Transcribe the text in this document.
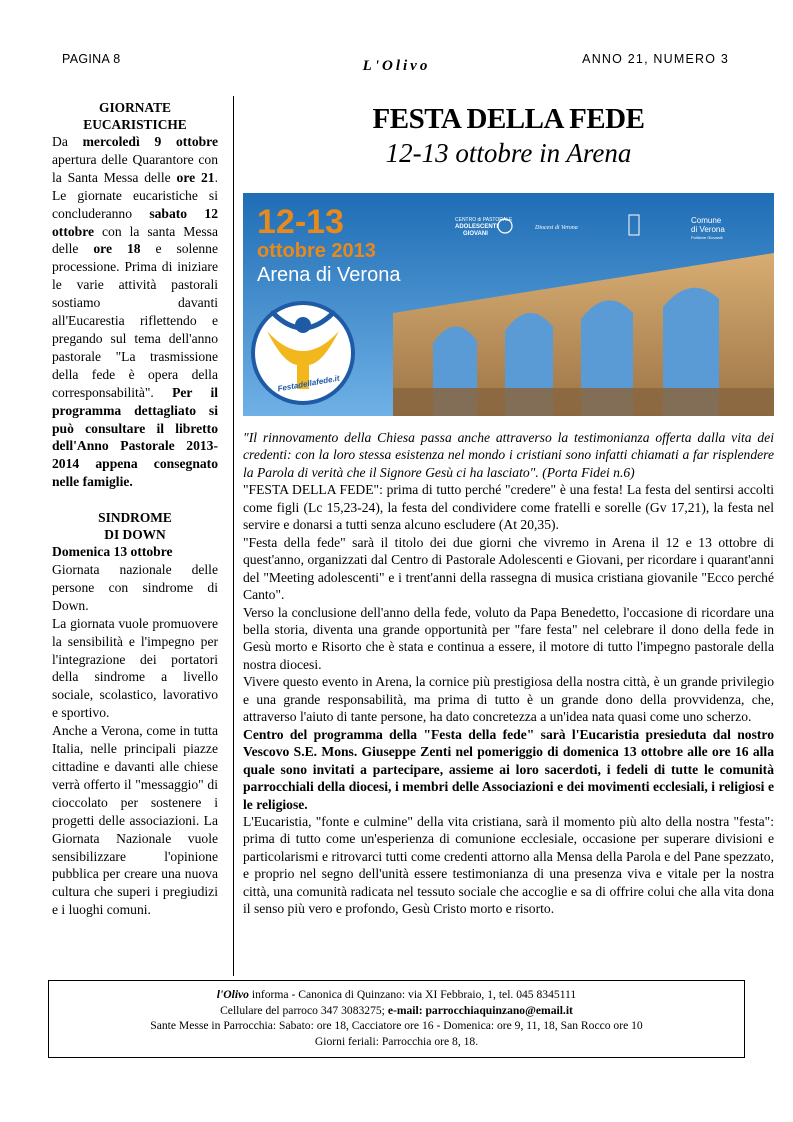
PAGINA 8	L'Olivo	ANNO 21, NUMERO 3
GIORNATE
EUCARISTICHE
Da mercoledì 9 ottobre apertura delle Quarantore con la Santa Messa delle ore 21. Le giornate eucaristiche si concluderanno sabato 12 ottobre con la santa Messa delle ore 18 e solenne processione. Prima di iniziare le varie attività pastorali sostiamo davanti all'Eucarestia riflettendo e pregando sul tema dell'anno pastorale "La trasmissione della fede è opera della corresponsabilità". Per il programma dettagliato si può consultare il libretto dell'Anno Pastorale 2013-2014 appena consegnato nelle famiglie.
SINDROME
DI DOWN
Domenica 13 ottobre
Giornata nazionale delle persone con sindrome di Down.
La giornata vuole promuovere la sensibilità e l'impegno per l'integrazione dei portatori della sindrome a livello sociale, scolastico, lavorativo e sportivo.
Anche a Verona, come in tutta Italia, nelle principali piazze cittadine e davanti alle chiese verrà offerto il "messaggio" di cioccolato per sostenere i progetti delle associazioni. La Giornata Nazionale vuole sensibilizzare l'opinione pubblica per creare una nuova cultura che superi i pregiudizi e i luoghi comuni.
FESTA DELLA FEDE
12-13 ottobre in Arena
12-13
ottobre 2013
Arena di Verona
CENTRO di PASTORALE
ADOLESCENTI
GIOVANI
Diocesi di Verona
Comune
di Verona
Politiche Giovanili
Festadellafede.it

"Il rinnovamento della Chiesa passa anche attraverso la testimonianza offerta dalla vita dei credenti: con la loro stessa esistenza nel mondo i cristiani sono infatti chiamati a far risplendere la Parola di verità che il Signore Gesù ci ha lasciato". (Porta Fidei n.6)

"FESTA DELLA FEDE": prima di tutto perché "credere" è una festa! La festa del sentirsi accolti come figli (Lc 15,23-24), la festa del condividere come fratelli e sorelle (Gv 17,21), la festa nel servire e donarsi a tutti senza alcuno escludere (At 20,35).

"Festa della fede" sarà il titolo dei due giorni che vivremo in Arena il 12 e 13 ottobre di quest'anno, organizzati dal Centro di Pastorale Adolescenti e Giovani, per ricordare i quarant'anni del "Meeting adolescenti" e i trent'anni della rassegna di musica cristiana giovanile "Ecco perché Canto".

Verso la conclusione dell'anno della fede, voluto da Papa Benedetto, l'occasione di ricordare una bella storia, diventa una grande opportunità per "fare festa" nel celebrare il dono della fede in Gesù morto e Risorto che è stata e continua a essere, il motore di tutto l'impegno pastorale della nostra diocesi.

Vivere questo evento in Arena, la cornice più prestigiosa della nostra città, è un grande privilegio e una grande responsabilità, ma prima di tutto è un grande dono della provvidenza, che, attraverso l'aiuto di tante persone, ha dato concretezza a un'idea nata quasi come uno scherzo.

Centro del programma della "Festa della fede" sarà l'Eucaristia presieduta dal nostro Vescovo S.E. Mons. Giuseppe Zenti nel pomeriggio di domenica 13 ottobre alle ore 16 alla quale sono invitati a partecipare, assieme ai loro sacerdoti, i fedeli di tutte le comunità parrocchiali della diocesi, i membri delle Associazioni e dei movimenti ecclesiali, i religiosi e le religiose.

L'Eucaristia, "fonte e culmine" della vita cristiana, sarà il momento più alto della nostra "festa": prima di tutto come un'esperienza di comunione ecclesiale, occasione per superare divisioni e particolarismi e ritrovarci tutti come credenti attorno alla Mensa della Parola e del Pane spezzato, e proprio nel segno dell'unità essere testimonianza di una presenza viva e vitale per la nostra città, una comunità radicata nel tessuto sociale che accoglie e sa di offrire colui che alla vita dona il senso più vero e profondo, Gesù Cristo morto e risorto.

l'Olivo informa - Canonica di Quinzano: via XI Febbraio, 1, tel. 045 8345111
Cellulare del parroco 347 3083275; e-mail: parrocchiaquinzano@email.it
Sante Messe in Parrocchia: Sabato: ore 18, Cacciatore ore 16 - Domenica: ore 9, 11, 18, San Rocco ore 10
Giorni feriali: Parrocchia ore 8, 18.
